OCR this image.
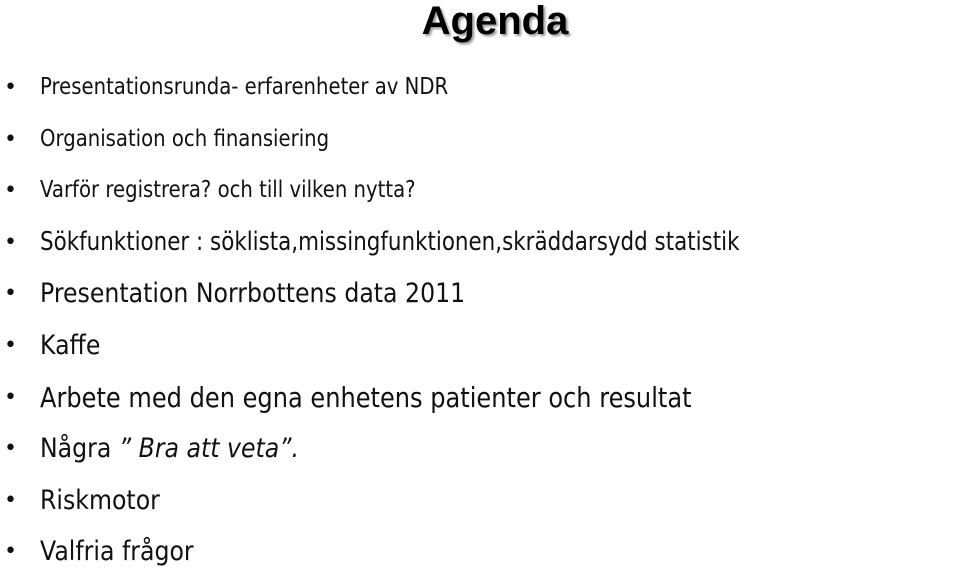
Agenda
• Presentationsrunda- erfarenheter av NDR
• Organisation och finansiering
• Varför registrera? och till vilken nytta?
• Sökfunktioner : söklista,missingfunktionen,skräddarsydd statistik
• Presentation Norrbottens data 2011
• Kaffe
• Arbete med den egna enhetens patienter och resultat
• Några ” Bra att veta”.
• Riskmotor
• Valfria frågor
